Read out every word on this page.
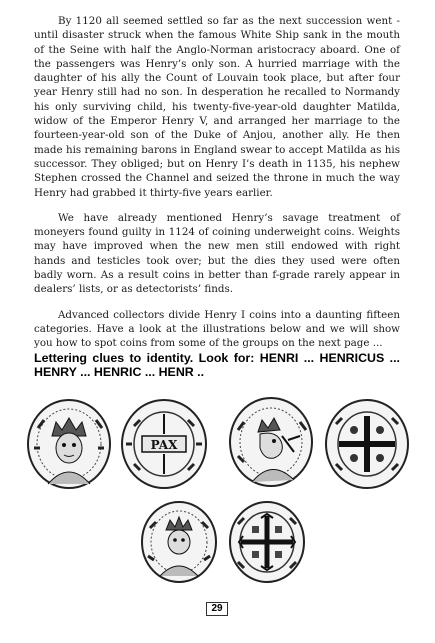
By 1120 all seemed settled so far as the next succession went - until disaster struck when the famous White Ship sank in the mouth of the Seine with half the Anglo-Norman aristocracy aboard. One of the passengers was Henry’s only son. A hurried marriage with the daughter of his ally the Count of Louvain took place, but after four year Henry still had no son. In desperation he recalled to Normandy his only surviving child, his twenty-five-year-old daughter Matilda, widow of the Emperor Henry V, and arranged her marriage to the fourteen-year-old son of the Duke of Anjou, another ally. He then made his remaining barons in England swear to accept Matilda as his successor. They obliged; but on Henry I’s death in 1135, his nephew Stephen crossed the Channel and seized the throne in much the way Henry had grabbed it thirty-five years earlier.

We have already mentioned Henry’s savage treatment of moneyers found guilty in 1124 of coining underweight coins. Weights may have improved when the new men still endowed with right hands and testicles took over; but the dies they used were often badly worn. As a result coins in better than f-grade rarely appear in dealers’ lists, or as detectorists’ finds.

Advanced collectors divide Henry I coins into a daunting fifteen categories. Have a look at the illustrations below and we will show you how to spot coins from some of the groups on the next page ...

Lettering clues to identity. Look for: HENRI ... HENRICUS ... HENRY ... HENRIC ... HENR ..
PAX
29
